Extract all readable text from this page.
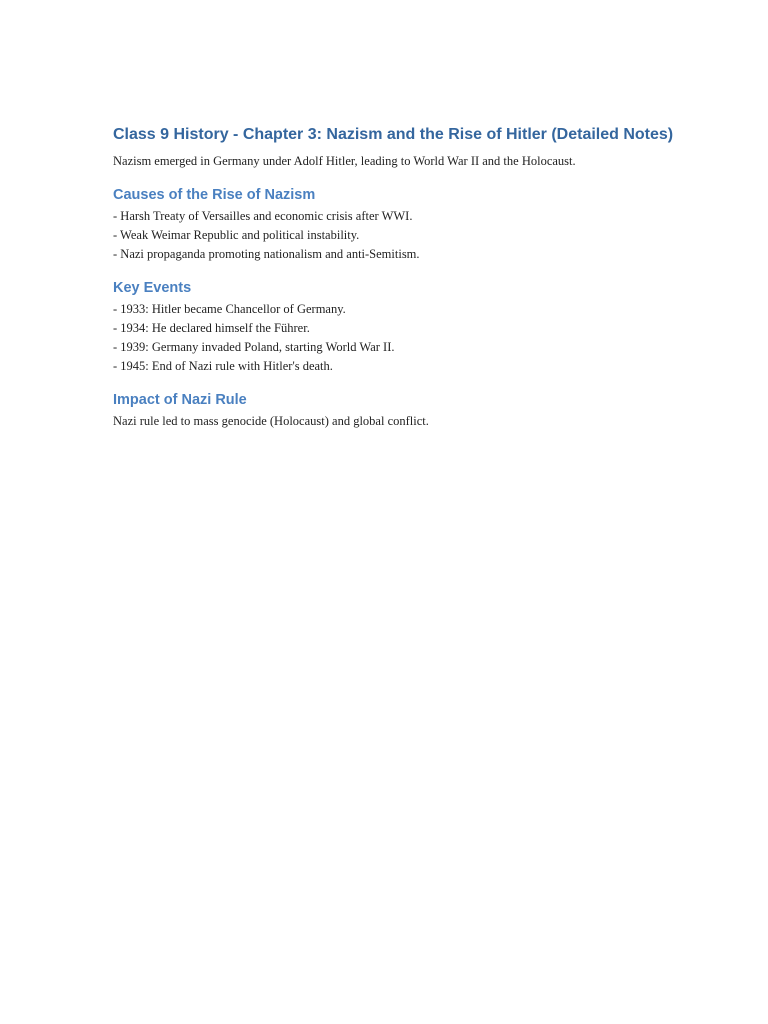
Class 9 History - Chapter 3: Nazism and the Rise of Hitler (Detailed Notes)

Nazism emerged in Germany under Adolf Hitler, leading to World War II and the Holocaust.

Causes of the Rise of Nazism

- Harsh Treaty of Versailles and economic crisis after WWI.

- Weak Weimar Republic and political instability.

- Nazi propaganda promoting nationalism and anti-Semitism.

Key Events

- 1933: Hitler became Chancellor of Germany.

- 1934: He declared himself the Führer.

- 1939: Germany invaded Poland, starting World War II.

- 1945: End of Nazi rule with Hitler's death.

Impact of Nazi Rule

Nazi rule led to mass genocide (Holocaust) and global conflict.
